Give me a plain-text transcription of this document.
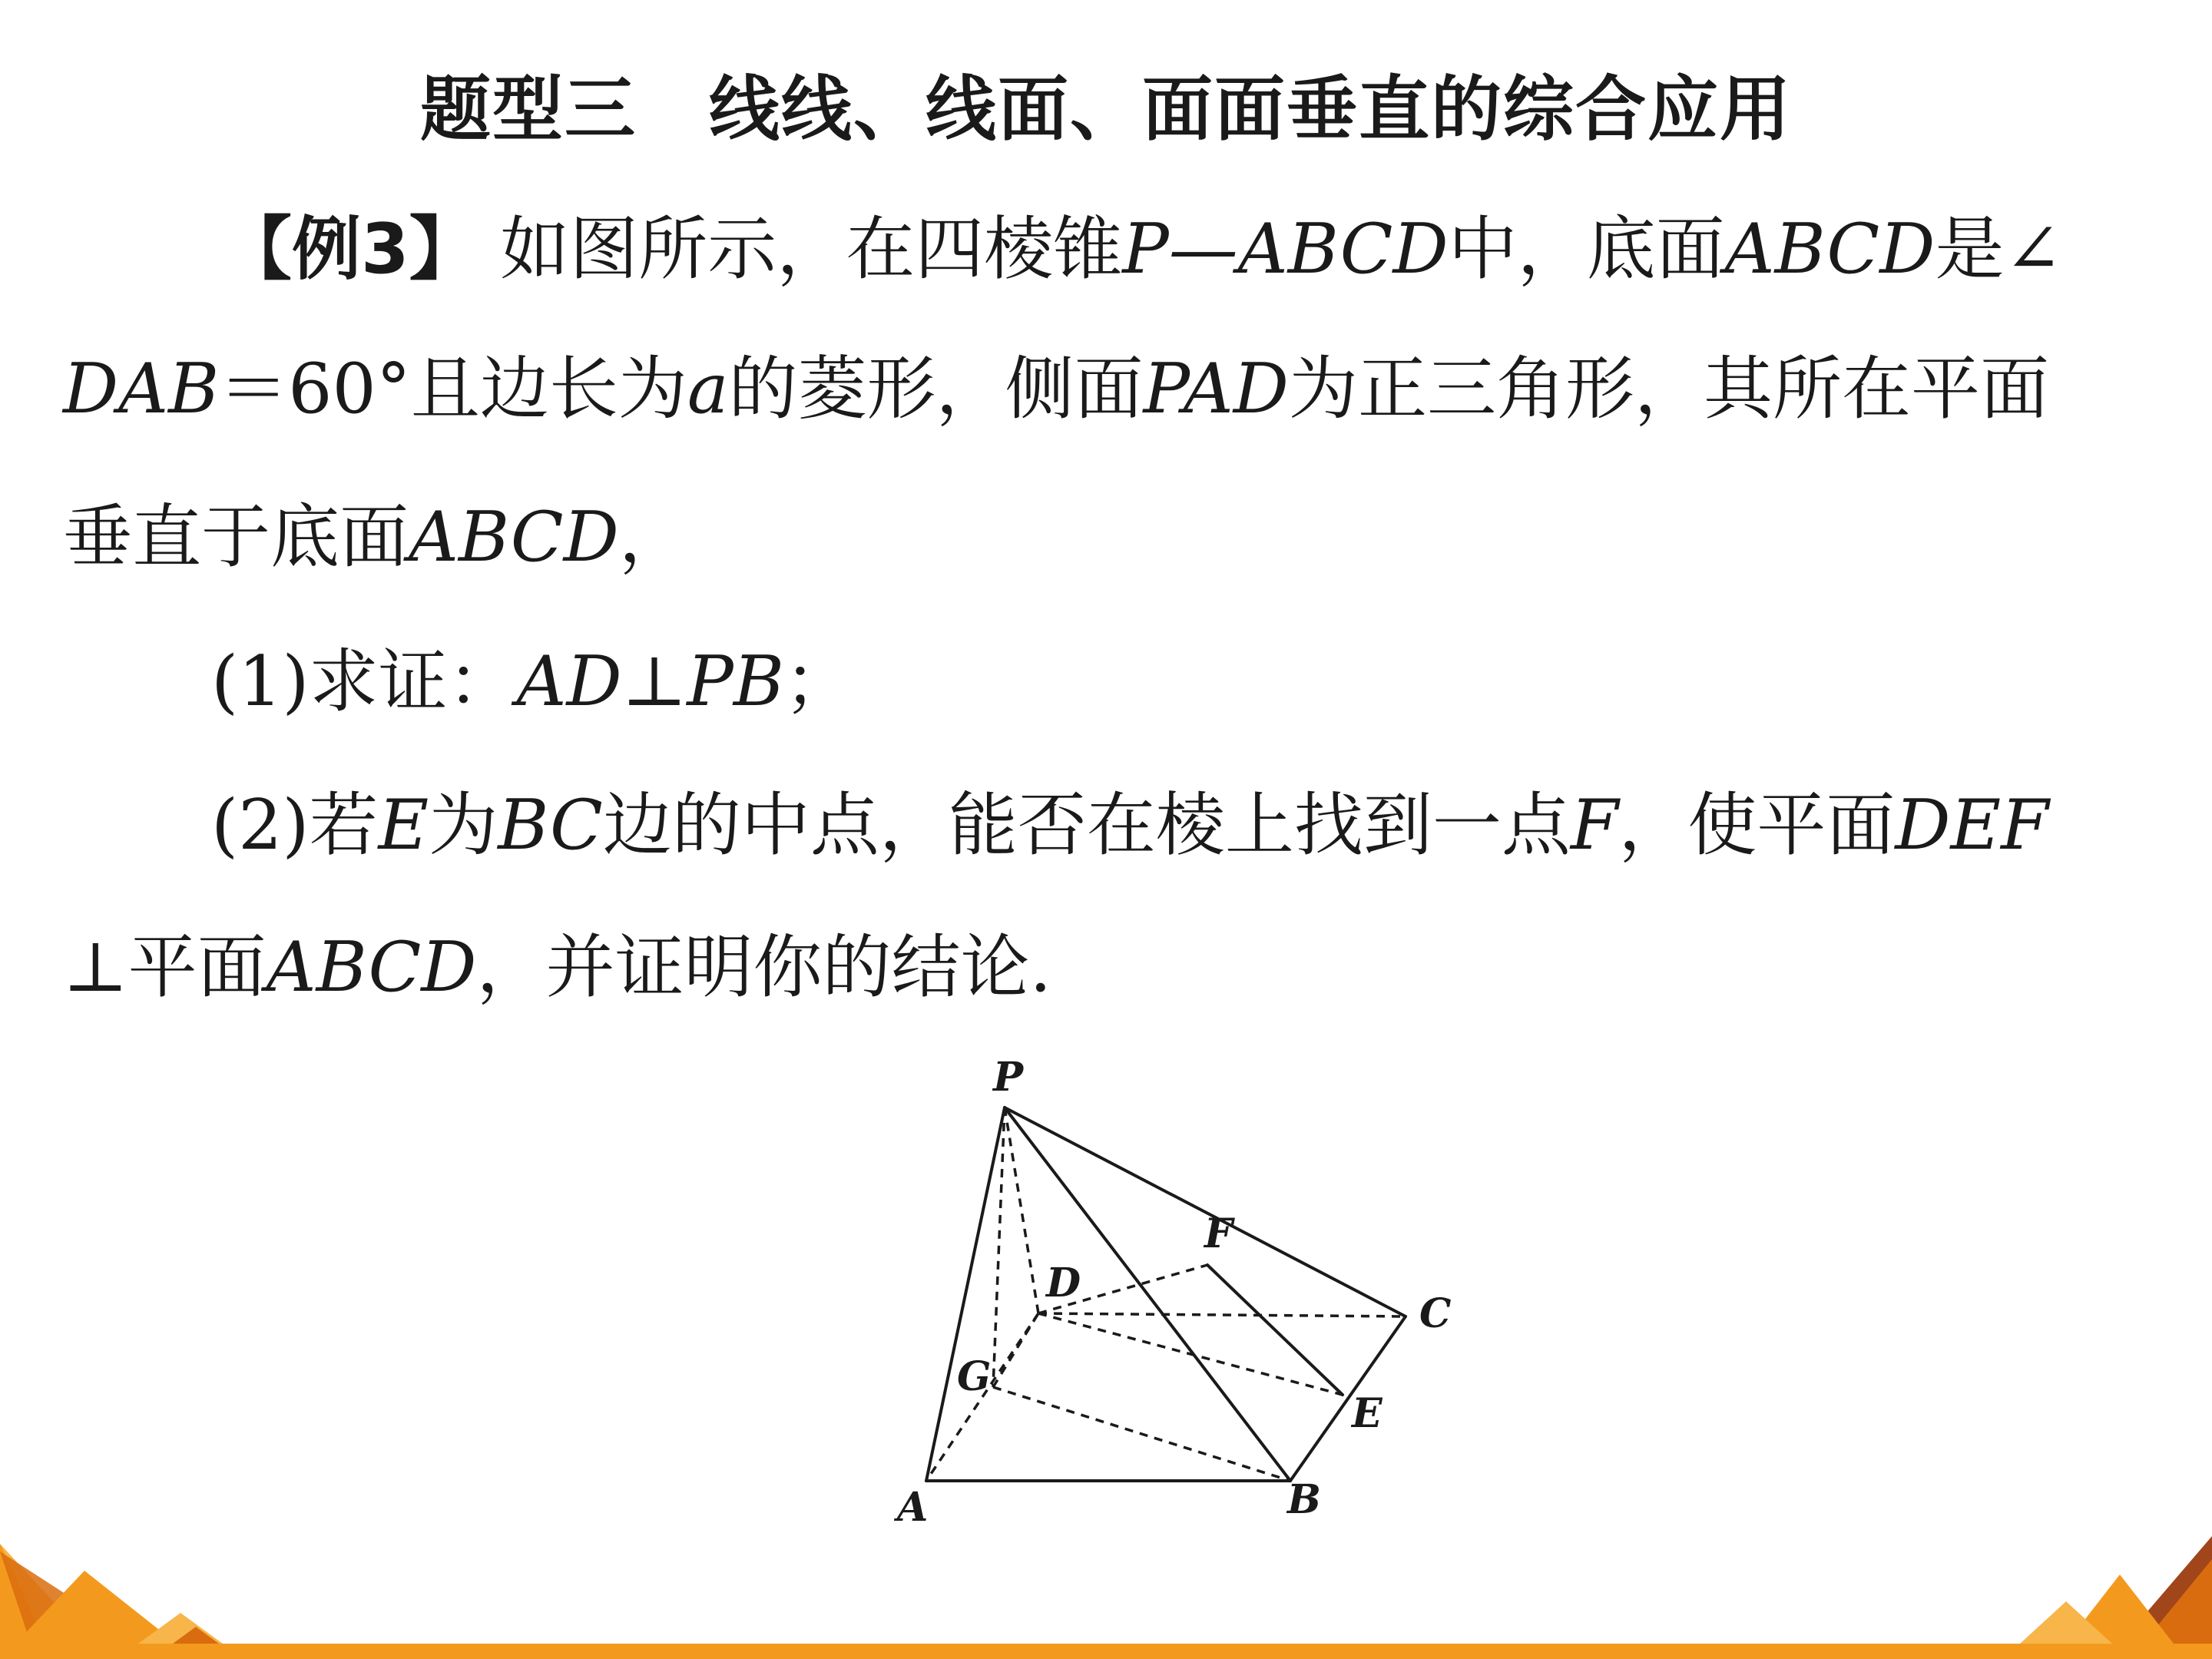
题型三　线线、线面、面面垂直的综合应用
【例3】 如图所示，在四棱锥P—ABCD中，底面ABCD是∠
DAB＝60°且边长为a的菱形，侧面PAD为正三角形，其所在平面
垂直于底面ABCD，
(1)求证：AD⊥PB；
(2)若E为BC边的中点，能否在棱上找到一点F，使平面DEF
⊥平面ABCD，并证明你的结论.
P
F
D
C
G
E
A	B
